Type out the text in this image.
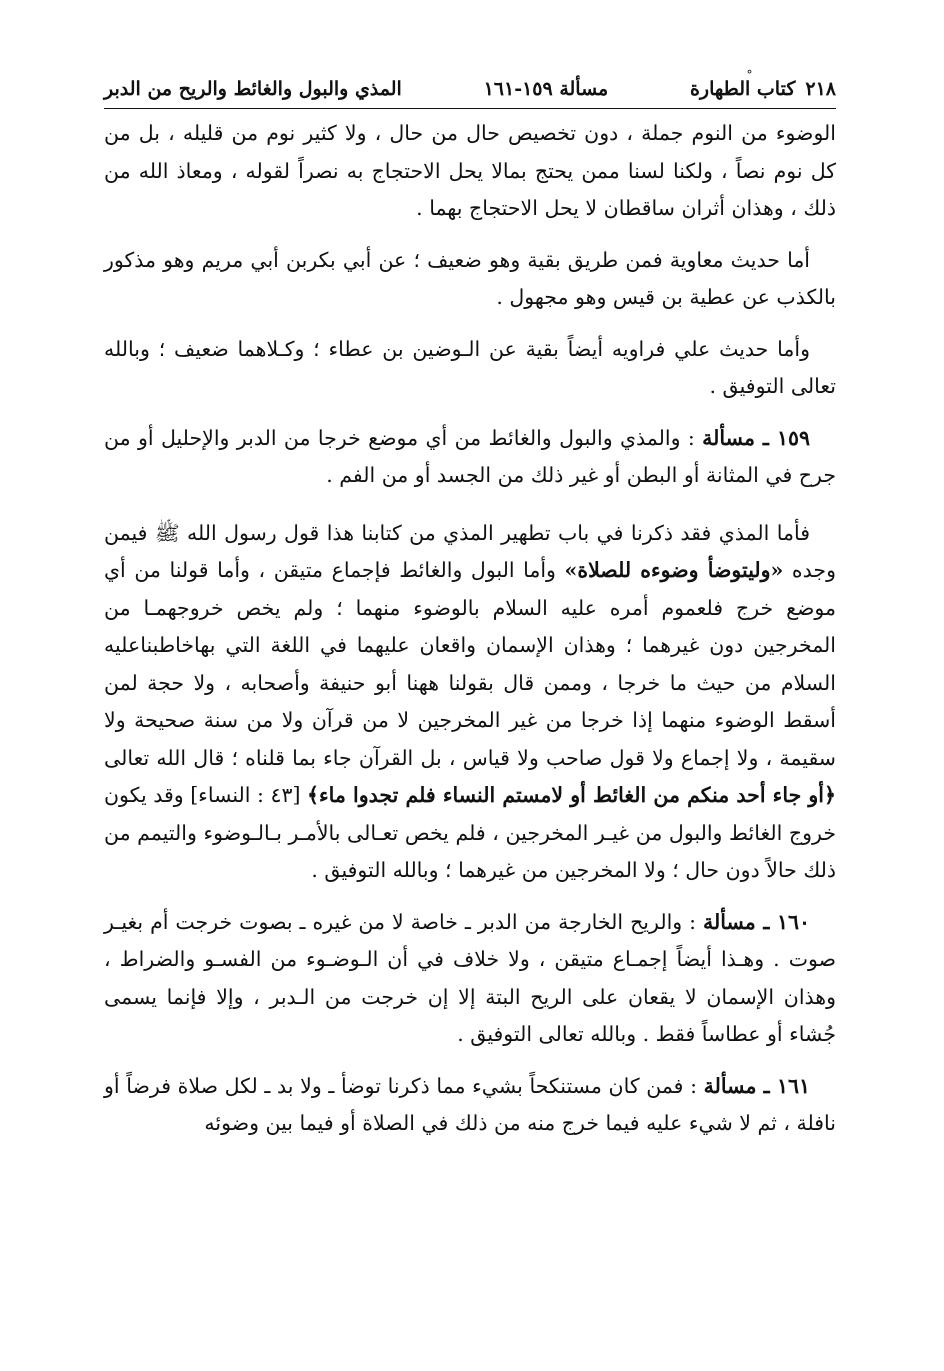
٢١٨
كتاب الطهارة
مسألة ١٥٩-١٦١
المذي والبول والغائط والريح من الدبر

الوضوء من النوم جملة ، دون تخصيص حال من حال ، ولا كثير نوم من قليله ، بل من كل نوم نصاً ، ولكنا لسنا ممن يحتج بمالا يحل الاحتجاج به نصراً لقوله ، ومعاذ الله من ذلك ، وهذان أثران ساقطان لا يحل الاحتجاج بهما .

أما حديث معاوية فمن طريق بقية وهو ضعيف ؛ عن أبي بكربن أبي مريم وهو مذكور بالكذب عن عطية بن قيس وهو مجهول .

وأما حديث علي فراويه أيضاً بقية عن الـوضين بن عطاء ؛ وكـلاهما ضعيف ؛ وبالله تعالى التوفيق .

١٥٩ ـ مسألة : والمذي والبول والغائط من أي موضع خرجا من الدبر والإحليل أو من جرح في المثانة أو البطن أو غير ذلك من الجسد أو من الفم .

فأما المذي فقد ذكرنا في باب تطهير المذي من كتابنا هذا قول رسول الله ﷺ فيمن وجده «وليتوضأ وضوءه للصلاة» وأما البول والغائط فإجماع متيقن ، وأما قولنا من أي موضع خرج فلعموم أمره عليه السلام بالوضوء منهما ؛ ولم يخص خروجهمـا من المخرجين دون غيرهما ؛ وهذان الإسمان واقعان عليهما في اللغة التي بهاخاطبناعليه السلام من حيث ما خرجا ، وممن قال بقولنا ههنا أبو حنيفة وأصحابه ، ولا حجة لمن أسقط الوضوء منهما إذا خرجا من غير المخرجين لا من قرآن ولا من سنة صحيحة ولا سقيمة ، ولا إجماع ولا قول صاحب ولا قياس ، بل القرآن جاء بما قلناه ؛ قال الله تعالى ﴿أو جاء أحد منكم من الغائط أو لامستم النساء فلم تجدوا ماء﴾ [٤٣ : النساء] وقد يكون خروج الغائط والبول من غيـر المخرجين ، فلم يخص تعـالى بالأمـر بـالـوضوء والتيمم من ذلك حالاً دون حال ؛ ولا المخرجين من غيرهما ؛ وبالله التوفيق .

١٦٠ ـ مسألة : والريح الخارجة من الدبر ـ خاصة لا من غيره ـ بصوت خرجت أم بغيـر صوت . وهـذا أيضاً إجمـاع متيقن ، ولا خلاف في أن الـوضـوء من الفسـو والضراط ، وهذان الإسمان لا يقعان على الريح البتة إلا إن خرجت من الـدبر ، وإلا فإنما يسمى جُشاء أو عطاساً فقط . وبالله تعالى التوفيق .

١٦١ ـ مسألة : فمن كان مستنكحاً بشيء مما ذكرنا توضأ ـ ولا بد ـ لكل صلاة فرضاً أو نافلة ، ثم لا شيء عليه فيما خرج منه من ذلك في الصلاة أو فيما بين وضوئه
